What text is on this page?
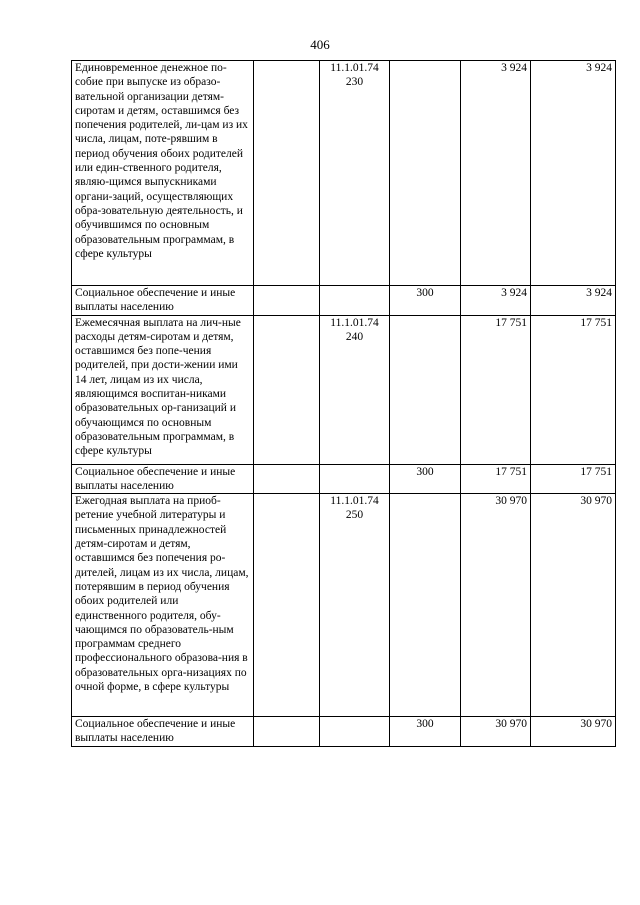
406
Единовременное денежное по-собие при выпуске из образо-вательной организации детям-сиротам и детям, оставшимся без попечения родителей, ли-цам из их числа, лицам, поте-рявшим в период обучения обоих родителей или един-ственного родителя, являю-щимся выпускниками органи-заций, осуществляющих обра-зовательную деятельность, и обучившимся по основным образовательным программам, в сфере культуры		11.1.01.74 230		3 924	3 924
Социальное обеспечение и иные выплаты населению			300	3 924	3 924
Ежемесячная выплата на лич-ные расходы детям-сиротам и детям, оставшимся без попе-чения родителей, при дости-жении ими 14 лет, лицам из их числа, являющимся воспитан-никами образовательных ор-ганизаций и обучающимся по основным образовательным программам, в сфере культуры		11.1.01.74 240		17 751	17 751
Социальное обеспечение и иные выплаты населению			300	17 751	17 751
Ежегодная выплата на приоб-ретение учебной литературы и письменных принадлежностей детям-сиротам и детям, оставшимся без попечения ро-дителей, лицам из их числа, лицам, потерявшим в период обучения обоих родителей или единственного родителя, обу-чающимся по образователь-ным программам среднего профессионального образова-ния в образовательных орга-низациях по очной форме, в сфере культуры		11.1.01.74 250		30 970	30 970
Социальное обеспечение и иные выплаты населению			300	30 970	30 970
